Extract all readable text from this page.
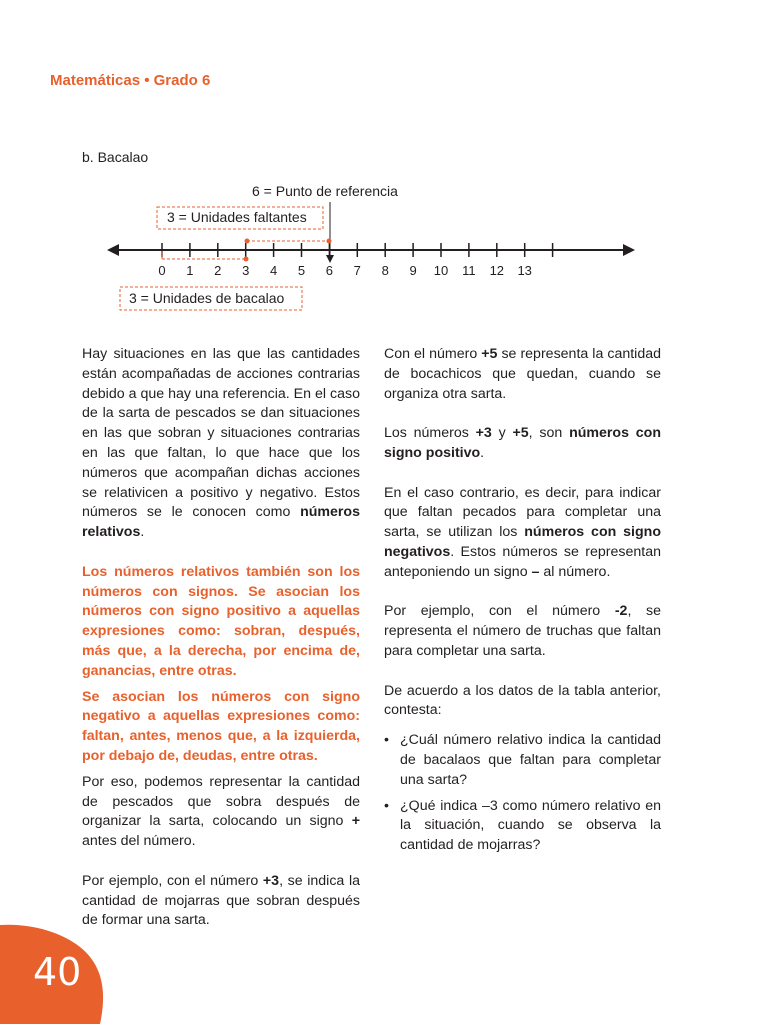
Matemáticas • Grado 6
b. Bacalao
6 = Punto de referencia
3 = Unidades faltantes
0 1 2 3 4 5 6 7 8 9 10 11 12 13
3 = Unidades de bacalao

Hay situaciones en las que las cantidades están acompañadas de acciones contrarias debido a que hay una referencia. En el caso de la sarta de pescados se dan situaciones en las que sobran y situaciones contrarias en las que faltan, lo que hace que los números que acompañan dichas acciones se relativicen a positivo y negativo. Estos números se le conocen como números relativos.

Los números relativos también son los números con signos. Se asocian los números con signo positivo a aquellas expresiones como: sobran, después, más que, a la derecha, por encima de, ganancias, entre otras.

Se asocian los números con signo negativo a aquellas expresiones como: faltan, antes, menos que, a la izquierda, por debajo de, deudas, entre otras.

Por eso, podemos representar la cantidad de pescados que sobra después de organizar la sarta, colocando un signo + antes del número.

Por ejemplo, con el número +3, se indica la cantidad de mojarras que sobran después de formar una sarta.

Con el número +5 se representa la cantidad de bocachicos que quedan, cuando se organiza otra sarta.

Los números +3 y +5, son números con signo positivo.

En el caso contrario, es decir, para indicar que faltan pecados para completar una sarta, se utilizan los números con signo negativos. Estos números se representan anteponiendo un signo – al número.

Por ejemplo, con el número -2, se representa el número de truchas que faltan para completar una sarta.

De acuerdo a los datos de la tabla anterior, contesta:

• ¿Cuál número relativo indica la cantidad de bacalaos que faltan para completar una sarta?
• ¿Qué indica –3 como número relativo en la situación, cuando se observa la cantidad de mojarras?
40
